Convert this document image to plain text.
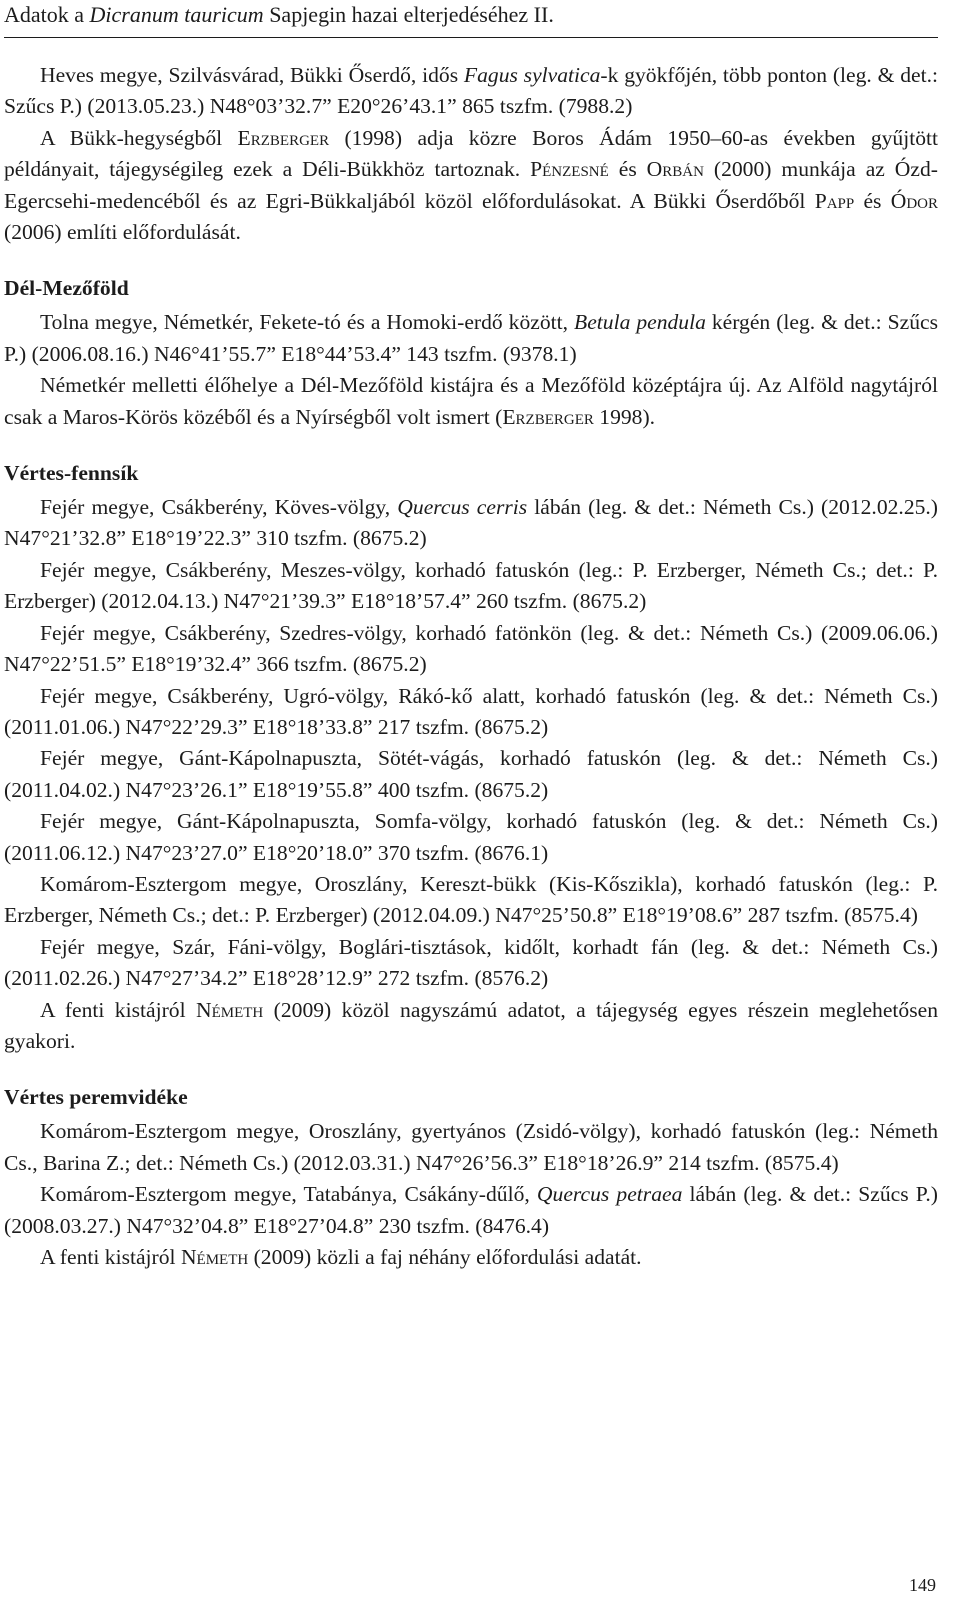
Adatok a Dicranum tauricum Sapjegin hazai elterjedéséhez II.

Heves megye, Szilvásvárad, Bükki Őserdő, idős Fagus sylvatica-k gyökfőjén, több ponton (leg. & det.: Szűcs P.) (2013.05.23.) N48°03’32.7” E20°26’43.1” 865 tszfm. (7988.2)

A Bükk-hegységből Erzberger (1998) adja közre Boros Ádám 1950–60-as években gyűjtött példányait, tájegységileg ezek a Déli-Bükkhöz tartoznak. Pénzesné és Orbán (2000) munkája az Ózd-Egercsehi-medencéből és az Egri-Bükkaljából közöl előfordulásokat. A Bükki Őserdőből Papp és Ódor (2006) említi előfordulását.

Dél-Mezőföld

Tolna megye, Németkér, Fekete-tó és a Homoki-erdő között, Betula pendula kérgén (leg. & det.: Szűcs P.) (2006.08.16.) N46°41’55.7” E18°44’53.4” 143 tszfm. (9378.1)

Németkér melletti élőhelye a Dél-Mezőföld kistájra és a Mezőföld középtájra új. Az Alföld nagytájról csak a Maros-Körös közéből és a Nyírségből volt ismert (Erzberger 1998).

Vértes-fennsík

Fejér megye, Csákberény, Köves-völgy, Quercus cerris lábán (leg. & det.: Németh Cs.) (2012.02.25.) N47°21’32.8” E18°19’22.3” 310 tszfm. (8675.2)

Fejér megye, Csákberény, Meszes-völgy, korhadó fatuskón (leg.: P. Erzberger, Németh Cs.; det.: P. Erzberger) (2012.04.13.) N47°21’39.3” E18°18’57.4” 260 tszfm. (8675.2)

Fejér megye, Csákberény, Szedres-völgy, korhadó fatönkön (leg. & det.: Németh Cs.) (2009.06.06.) N47°22’51.5” E18°19’32.4” 366 tszfm. (8675.2)

Fejér megye, Csákberény, Ugró-völgy, Rákó-kő alatt, korhadó fatuskón (leg. & det.: Németh Cs.) (2011.01.06.) N47°22’29.3” E18°18’33.8” 217 tszfm. (8675.2)

Fejér megye, Gánt-Kápolnapuszta, Sötét-vágás, korhadó fatuskón (leg. & det.: Németh Cs.) (2011.04.02.) N47°23’26.1” E18°19’55.8” 400 tszfm. (8675.2)

Fejér megye, Gánt-Kápolnapuszta, Somfa-völgy, korhadó fatuskón (leg. & det.: Németh Cs.) (2011.06.12.) N47°23’27.0” E18°20’18.0” 370 tszfm. (8676.1)

Komárom-Esztergom megye, Oroszlány, Kereszt-bükk (Kis-Kőszikla), korhadó fatuskón (leg.: P. Erzberger, Németh Cs.; det.: P. Erzberger) (2012.04.09.) N47°25’50.8” E18°19’08.6” 287 tszfm. (8575.4)

Fejér megye, Szár, Fáni-völgy, Boglári-tisztások, kidőlt, korhadt fán (leg. & det.: Németh Cs.) (2011.02.26.) N47°27’34.2” E18°28’12.9” 272 tszfm. (8576.2)

A fenti kistájról Németh (2009) közöl nagyszámú adatot, a tájegység egyes részein meglehetősen gyakori.

Vértes peremvidéke

Komárom-Esztergom megye, Oroszlány, gyertyános (Zsidó-völgy), korhadó fatuskón (leg.: Németh Cs., Barina Z.; det.: Németh Cs.) (2012.03.31.) N47°26’56.3” E18°18’26.9” 214 tszfm. (8575.4)

Komárom-Esztergom megye, Tatabánya, Csákány-dűlő, Quercus petraea lábán (leg. & det.: Szűcs P.) (2008.03.27.) N47°32’04.8” E18°27’04.8” 230 tszfm. (8476.4)

A fenti kistájról Németh (2009) közli a faj néhány előfordulási adatát.

149
